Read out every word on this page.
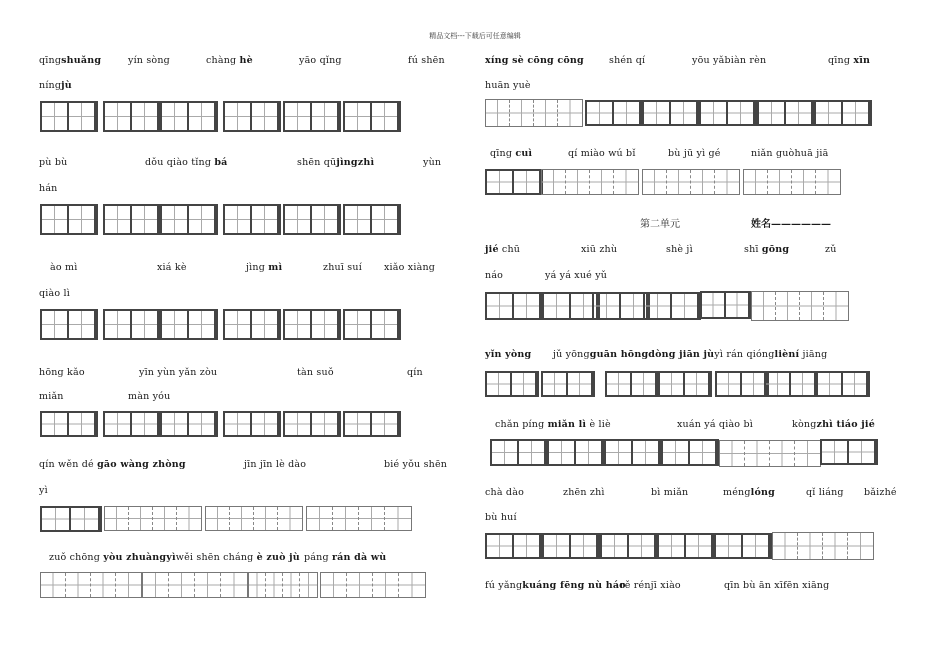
精品文档---下载后可任意编辑
qīngshuǎng	yín sòng	chàng hè	yāo qǐng	fú shēn
níngjù
pù bù	dǒu qiào tǐng bá	shēn qūjìngzhì	yùn
hán
ào mì	xiá kè	jìng mì	zhuī suí xiǎo xiàng
qiào lì
hōng kǎo	yīn yùn yǎn zòu	tàn suǒ	qín
miǎn	màn yóu
qín wěn dé gāo wàng zhòng	jīn jīn lè dào	bié yǒu shēn
yì
zuǒ chōng yòu zhuàngyìwěi shēn cháng è zuò jù páng rán dà wù
xíng sè cōng cōng	shén qí	yōu yǎbiàn rèn	qīng xīn
huān yuè
qīng cuì	qí miào wú bǐ	bù jū yì gé	niǎn guòhuā jiā
jié chū	xiū zhù	shè jì	shī gōng	zǔ
náo	yá yá xué yǔ
yǐn yòng jǔ yōngguān hōngdòng jiān jùyì rán qiónglièní jiāng
chǎn píng miǎn lì è liè	xuán yá qiào bì	kòngzhì tiáo jié
chà dào	zhēn zhì	bì miǎn	ménglóng	qǐ liáng bǎizhé
bù huí
fú yǎngkuáng fēng nù háo
rě rénjī xiào	qīn bù ān xīfēn xiāng
第二单元	姓名——————
